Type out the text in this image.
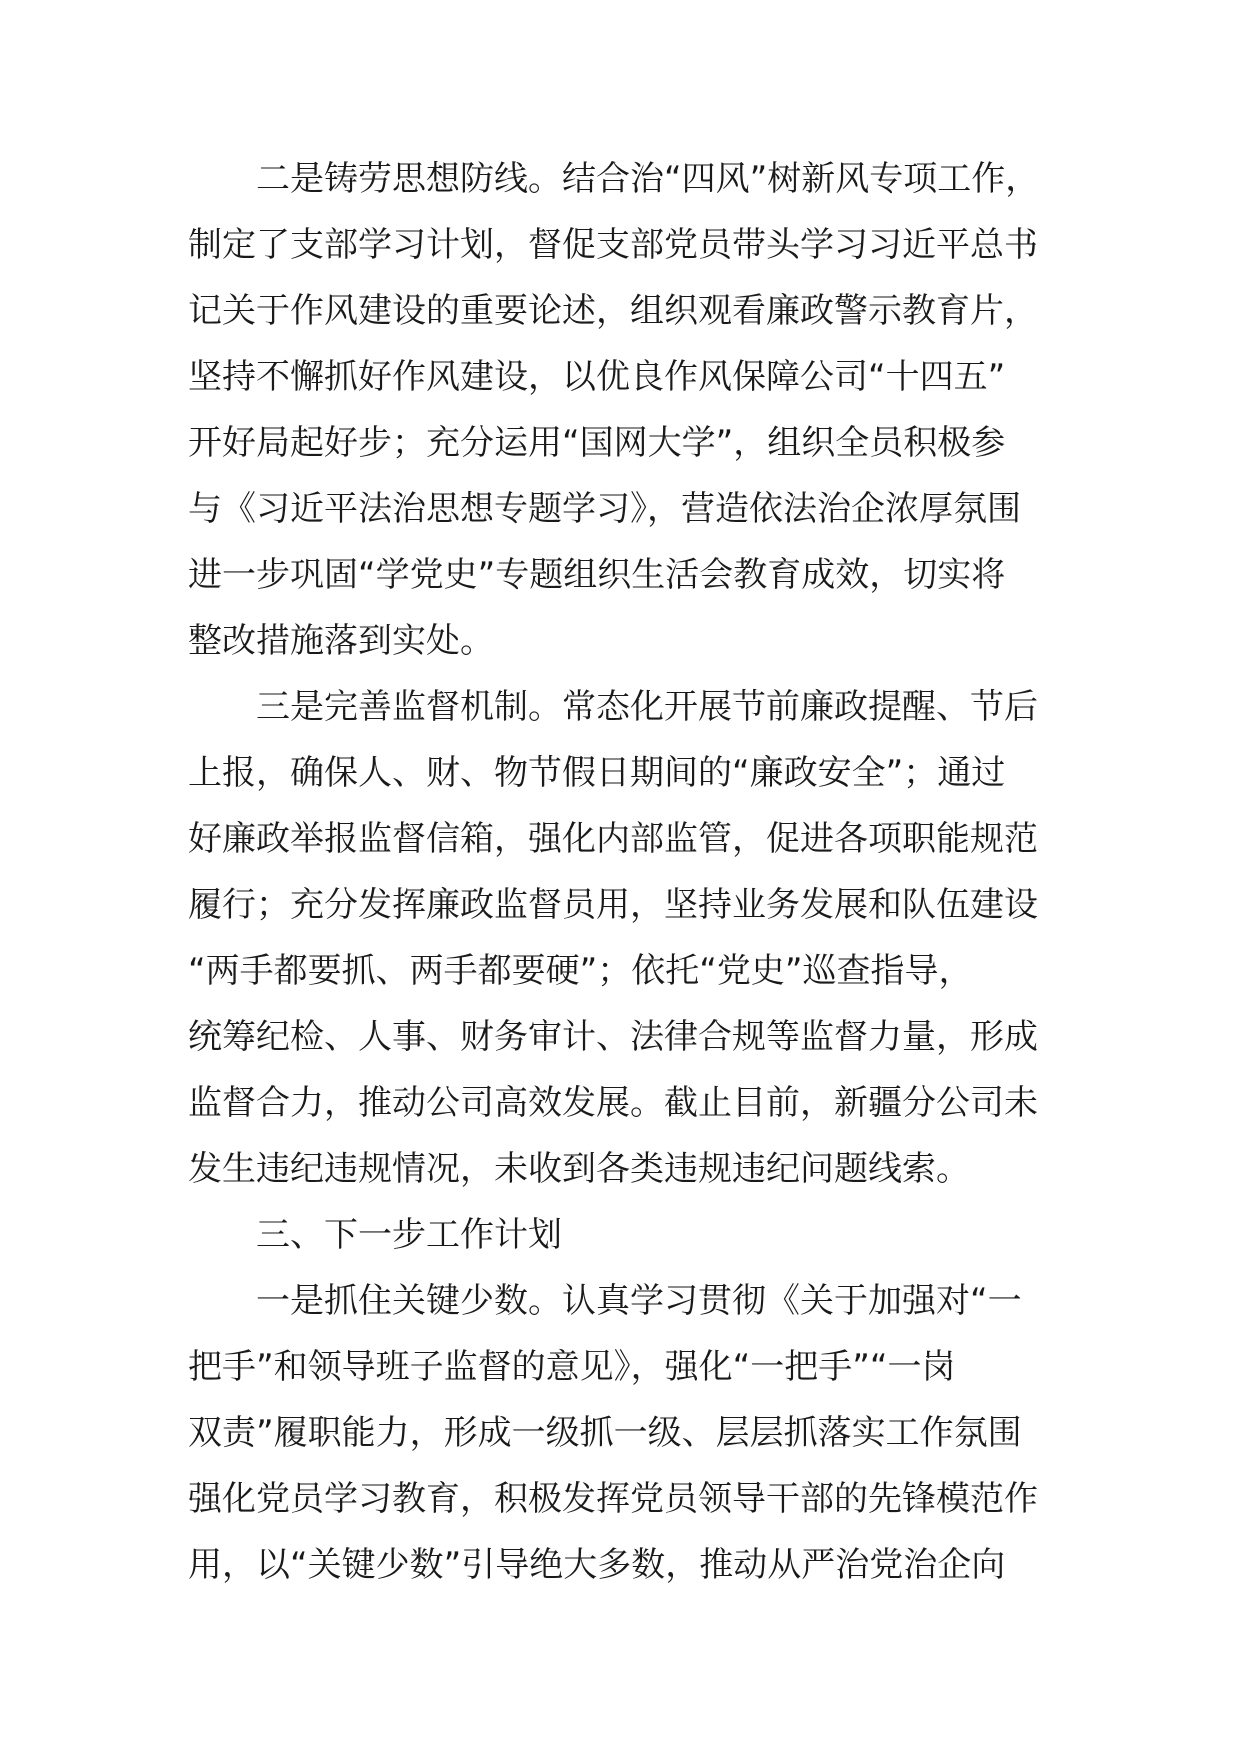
二是铸劳思想防线。结合治“四风”树新风专项工作，
制定了支部学习计划，督促支部党员带头学习习近平总书
记关于作风建设的重要论述，组织观看廉政警示教育片，
坚持不懈抓好作风建设，以优良作风保障公司“十四五”
开好局起好步；充分运用“国网大学”，组织全员积极参
与《习近平法治思想专题学习》，营造依法治企浓厚氛围
进一步巩固“学党史”专题组织生活会教育成效，切实将
整改措施落到实处。
三是完善监督机制。常态化开展节前廉政提醒、节后
上报，确保人、财、物节假日期间的“廉政安全”；通过
好廉政举报监督信箱，强化内部监管，促进各项职能规范
履行；充分发挥廉政监督员用，坚持业务发展和队伍建设
“两手都要抓、两手都要硬”；依托“党史”巡查指导，
统筹纪检、人事、财务审计、法律合规等监督力量，形成
监督合力，推动公司高效发展。截止目前，新疆分公司未
发生违纪违规情况，未收到各类违规违纪问题线索。
三、下一步工作计划
一是抓住关键少数。认真学习贯彻《关于加强对“一
把手”和领导班子监督的意见》，强化“一把手”“一岗
双责”履职能力，形成一级抓一级、层层抓落实工作氛围
强化党员学习教育，积极发挥党员领导干部的先锋模范作
用，以“关键少数”引导绝大多数，推动从严治党治企向
